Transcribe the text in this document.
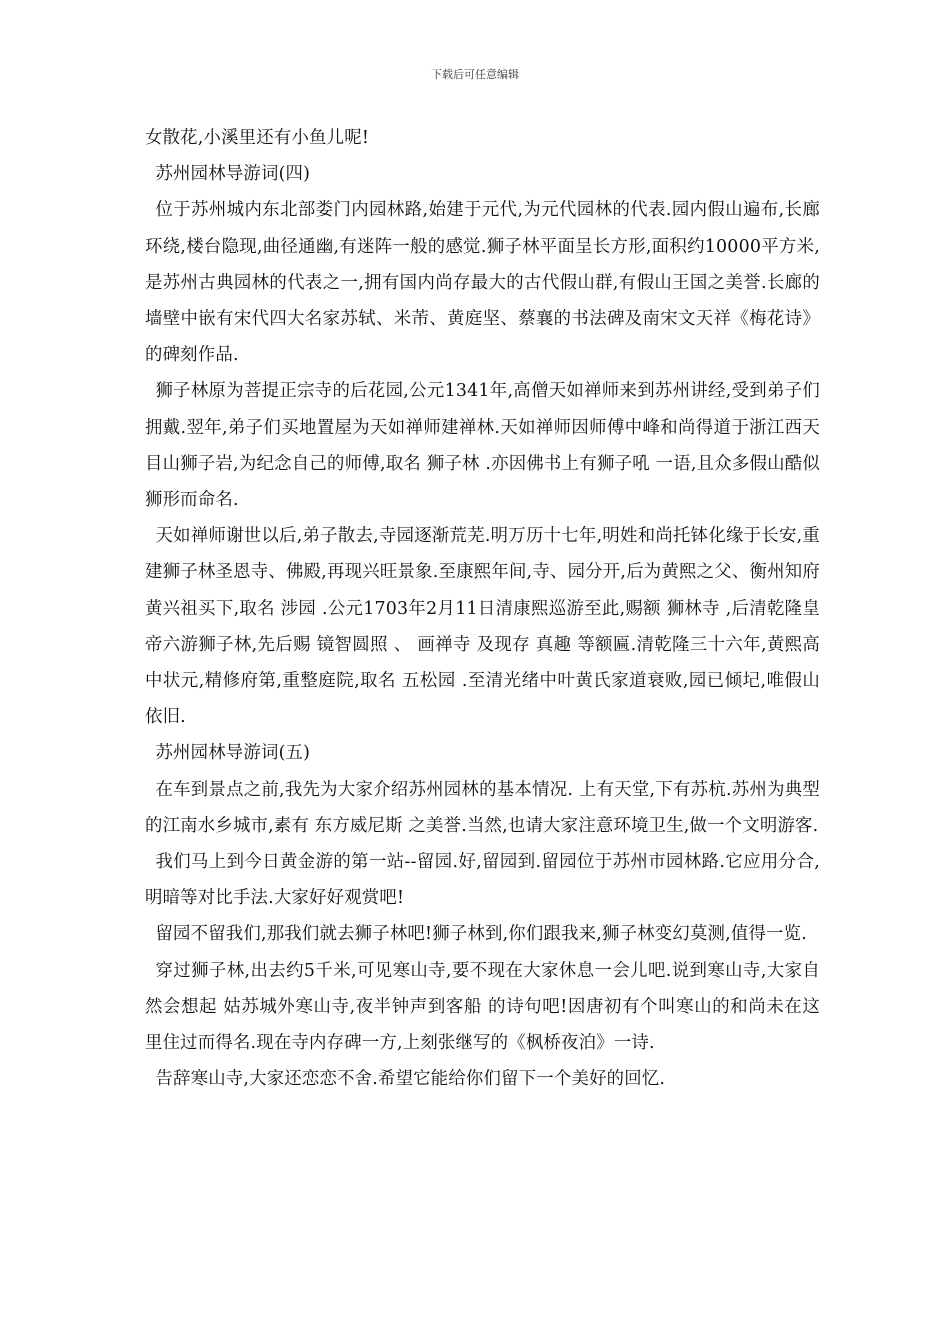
下载后可任意编辑

女散花,小溪里还有小鱼儿呢!

苏州园林导游词(四)

位于苏州城内东北部娄门内园林路,始建于元代,为元代园林的代表.园内假山遍布,长廊环绕,楼台隐现,曲径通幽,有迷阵一般的感觉.狮子林平面呈长方形,面积约10000平方米,是苏州古典园林的代表之一,拥有国内尚存最大的古代假山群,有假山王国之美誉.长廊的墙壁中嵌有宋代四大名家苏轼、米芾、黄庭坚、蔡襄的书法碑及南宋文天祥《梅花诗》的碑刻作品.

狮子林原为菩提正宗寺的后花园,公元1341年,高僧天如禅师来到苏州讲经,受到弟子们拥戴.翌年,弟子们买地置屋为天如禅师建禅林.天如禅师因师傅中峰和尚得道于浙江西天目山狮子岩,为纪念自己的师傅,取名 狮子林 .亦因佛书上有狮子吼 一语,且众多假山酷似狮形而命名.

天如禅师谢世以后,弟子散去,寺园逐渐荒芜.明万历十七年,明姓和尚托钵化缘于长安,重建狮子林圣恩寺、佛殿,再现兴旺景象.至康熙年间,寺、园分开,后为黄熙之父、衡州知府黄兴祖买下,取名 涉园 .公元1703年2月11日清康熙巡游至此,赐额 狮林寺 ,后清乾隆皇帝六游狮子林,先后赐 镜智圆照 、 画禅寺 及现存 真趣 等额匾.清乾隆三十六年,黄熙高中状元,精修府第,重整庭院,取名 五松园 .至清光绪中叶黄氏家道衰败,园已倾圮,唯假山依旧.

苏州园林导游词(五)

在车到景点之前,我先为大家介绍苏州园林的基本情况. 上有天堂,下有苏杭.苏州为典型的江南水乡城市,素有 东方威尼斯 之美誉.当然,也请大家注意环境卫生,做一个文明游客.

我们马上到今日黄金游的第一站--留园.好,留园到.留园位于苏州市园林路.它应用分合,明暗等对比手法.大家好好观赏吧!

留园不留我们,那我们就去狮子林吧!狮子林到,你们跟我来,狮子林变幻莫测,值得一览.

穿过狮子林,出去约5千米,可见寒山寺,要不现在大家休息一会儿吧.说到寒山寺,大家自然会想起 姑苏城外寒山寺,夜半钟声到客船 的诗句吧!因唐初有个叫寒山的和尚未在这里住过而得名.现在寺内存碑一方,上刻张继写的《枫桥夜泊》一诗.

告辞寒山寺,大家还恋恋不舍.希望它能给你们留下一个美好的回忆.
